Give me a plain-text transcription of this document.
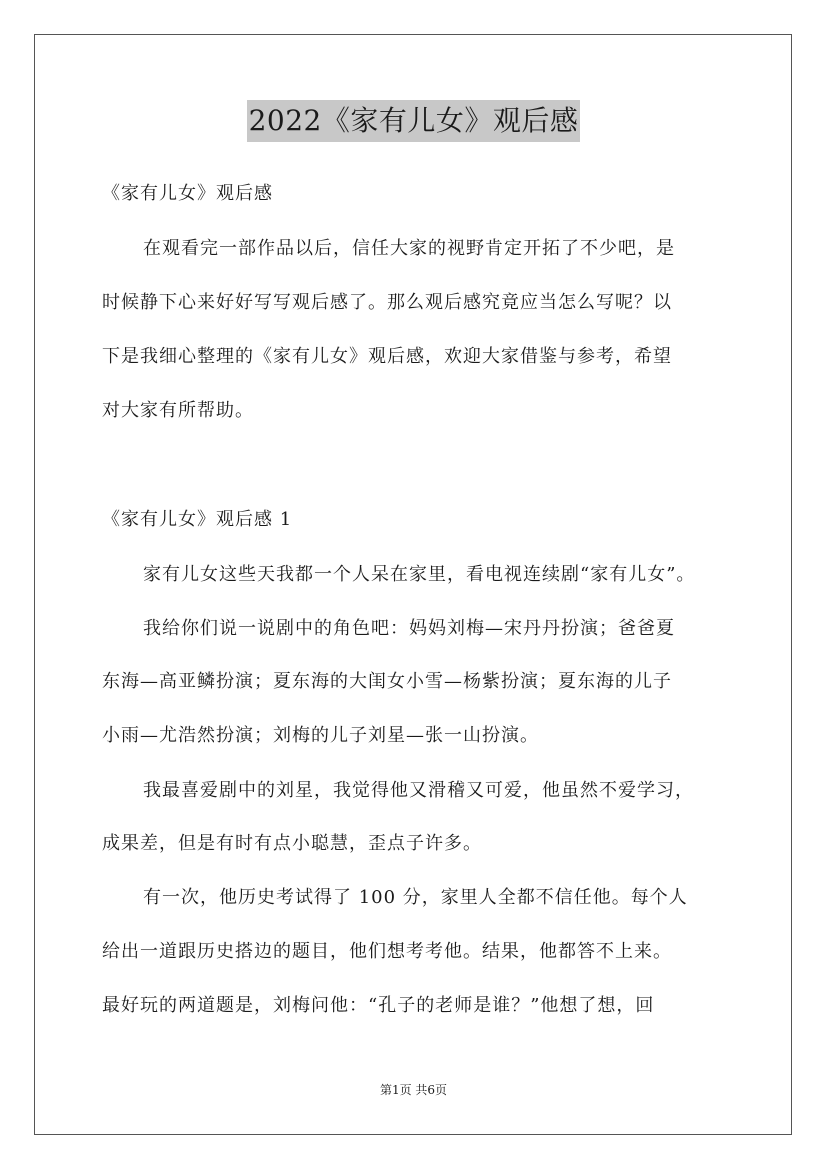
2022《家有儿女》观后感
《家有儿女》观后感
在观看完一部作品以后，信任大家的视野肯定开拓了不少吧，是
时候静下心来好好写写观后感了。那么观后感究竟应当怎么写呢？以
下是我细心整理的《家有儿女》观后感，欢迎大家借鉴与参考，希望
对大家有所帮助。
《家有儿女》观后感 1
家有儿女这些天我都一个人呆在家里，看电视连续剧“家有儿女”。
我给你们说一说剧中的角色吧：妈妈刘梅—宋丹丹扮演；爸爸夏
东海—高亚鳞扮演；夏东海的大闺女小雪—杨紫扮演；夏东海的儿子
小雨—尤浩然扮演；刘梅的儿子刘星—张一山扮演。
我最喜爱剧中的刘星，我觉得他又滑稽又可爱，他虽然不爱学习，
成果差，但是有时有点小聪慧，歪点子许多。
有一次，他历史考试得了 100 分，家里人全都不信任他。每个人
给出一道跟历史搭边的题目，他们想考考他。结果，他都答不上来。
最好玩的两道题是，刘梅问他：“孔子的老师是谁？”他想了想，回
第1页 共6页
